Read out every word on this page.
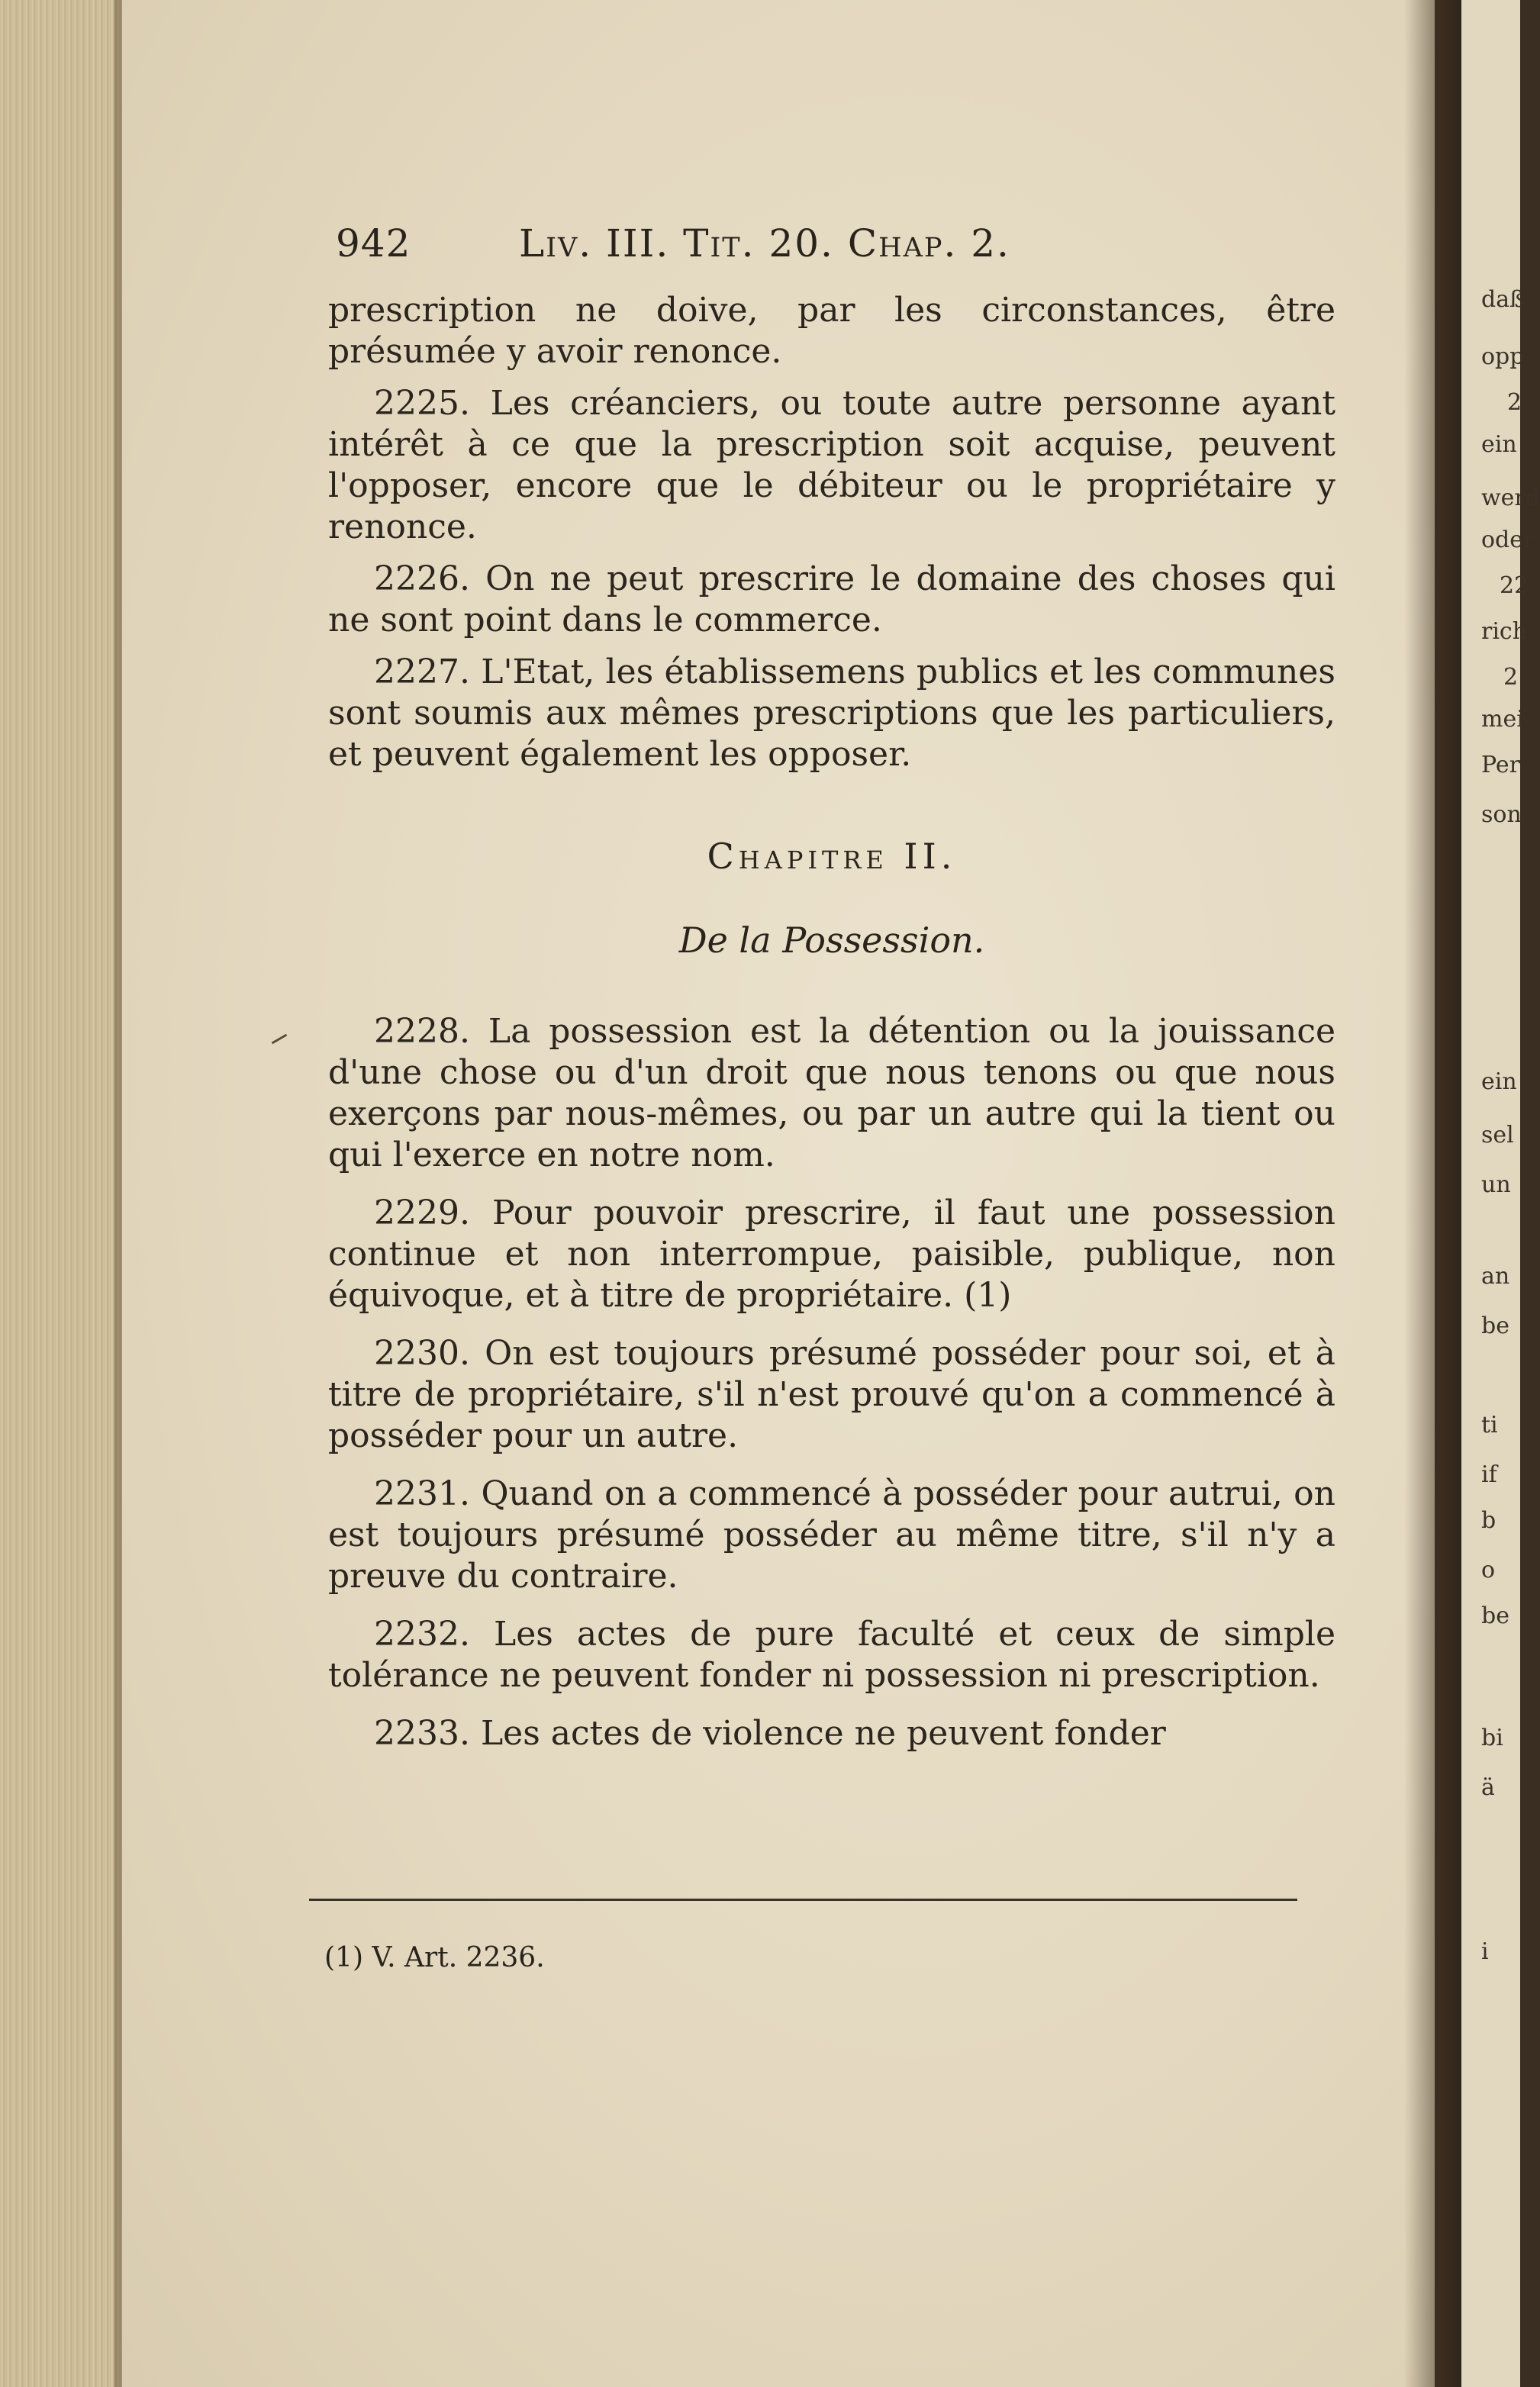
daß
opp
2
ein
werd
oder
22
rich
2
mei
Per
son
ein
sel
un
an
be
ti
if
b
o
be
bi
ä
i
942	Liv. III. Tit. 20. Chap. 2.

prescription ne doive, par les circonstances, être présumée y avoir renonce.

2225. Les créanciers, ou toute autre personne ayant intérêt à ce que la prescription soit acquise, peuvent l'opposer, encore que le débiteur ou le propriétaire y renonce.

2226. On ne peut prescrire le domaine des choses qui ne sont point dans le commerce.

2227. L'Etat, les établissemens publics et les communes sont soumis aux mêmes prescriptions que les particuliers, et peuvent également les opposer.

Chapitre II.
De la Possession.

2228. La possession est la détention ou la jouissance d'une chose ou d'un droit que nous tenons ou que nous exerçons par nous-mêmes, ou par un autre qui la tient ou qui l'exerce en notre nom.

2229. Pour pouvoir prescrire, il faut une possession continue et non interrompue, paisible, publique, non équivoque, et à titre de propriétaire. (1)

2230. On est toujours présumé posséder pour soi, et à titre de propriétaire, s'il n'est prouvé qu'on a commencé à posséder pour un autre.

2231. Quand on a commencé à posséder pour autrui, on est toujours présumé posséder au même titre, s'il n'y a preuve du contraire.

2232. Les actes de pure faculté et ceux de simple tolérance ne peuvent fonder ni possession ni prescription.

2233. Les actes de violence ne peuvent fonder

(1) V. Art. 2236.
